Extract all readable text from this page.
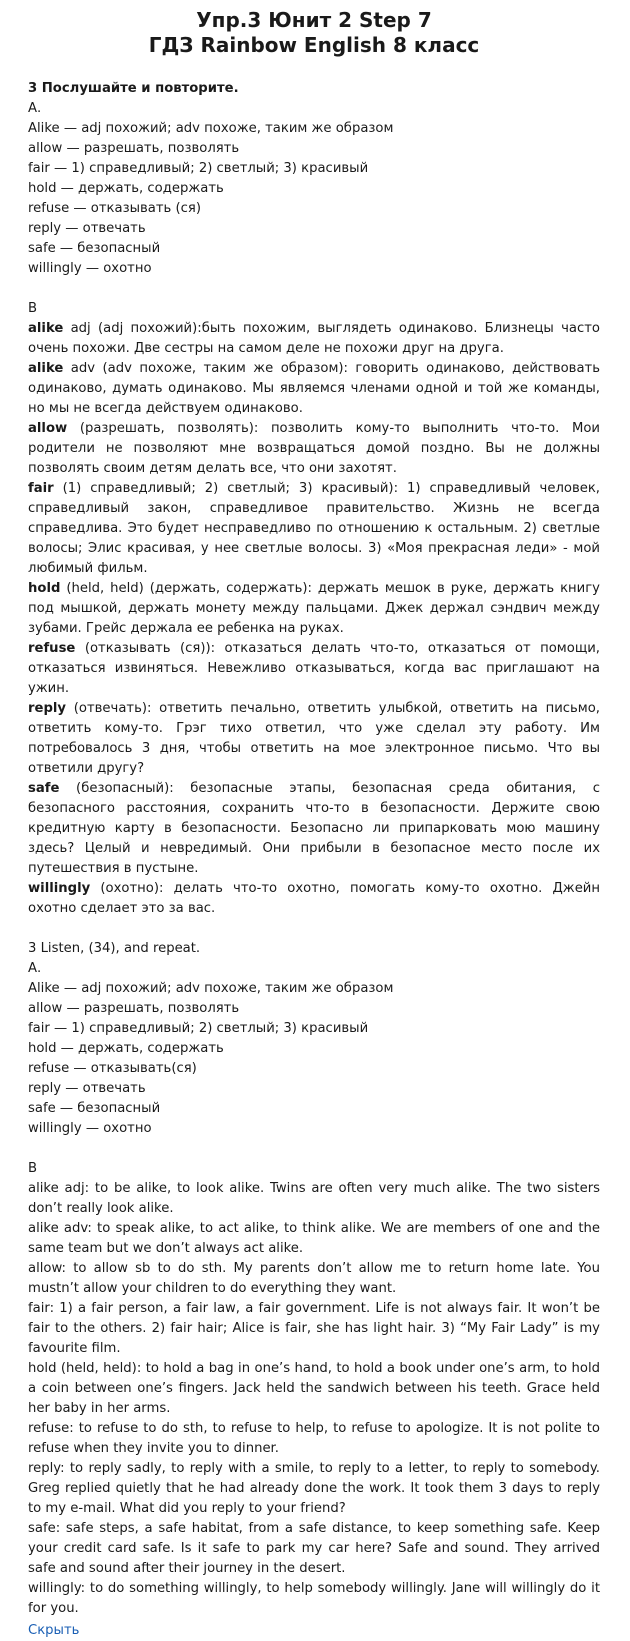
Упр.3 Юнит 2 Step 7
ГДЗ Rainbow English 8 класс
3 Послушайте и повторите.
А.
Alike — adj похожий; adv похоже, таким же образом
allow — разрешать, позволять
fair — 1) справедливый; 2) светлый; 3) красивый
hold — держать, содержать
refuse — отказывать (ся)
reply — отвечать
safe — безопасный
willingly — охотно
В
alike adj (adj похожий):быть похожим, выглядеть одинаково. Близнецы часто очень похожи. Две сестры на самом деле не похожи друг на друга.
alike adv (adv похоже, таким же образом): говорить одинаково, действовать одинаково, думать одинаково. Мы являемся членами одной и той же команды, но мы не всегда действуем одинаково.
allow (разрешать, позволять): позволить кому-то выполнить что-то. Мои родители не позволяют мне возвращаться домой поздно. Вы не должны позволять своим детям делать все, что они захотят.
fair (1) справедливый; 2) светлый; 3) красивый): 1) справедливый человек, справедливый закон, справедливое правительство. Жизнь не всегда справедлива. Это будет несправедливо по отношению к остальным. 2) светлые волосы; Элис красивая, у нее светлые волосы. 3) «Моя прекрасная леди» - мой любимый фильм.
hold (held, held) (держать, содержать): держать мешок в руке, держать книгу под мышкой, держать монету между пальцами. Джек держал сэндвич между зубами. Грейс держала ее ребенка на руках.
refuse (отказывать (ся)): отказаться делать что-то, отказаться от помощи, отказаться извиняться. Невежливо отказываться, когда вас приглашают на ужин.
reply (отвечать): ответить печально, ответить улыбкой, ответить на письмо, ответить кому-то. Грэг тихо ответил, что уже сделал эту работу. Им потребовалось 3 дня, чтобы ответить на мое электронное письмо. Что вы ответили другу?
safe (безопасный): безопасные этапы, безопасная среда обитания, с безопасного расстояния, сохранить что-то в безопасности. Держите свою кредитную карту в безопасности. Безопасно ли припарковать мою машину здесь? Целый и невредимый. Они прибыли в безопасное место после их путешествия в пустыне.
willingly (охотно): делать что-то охотно, помогать кому-то охотно. Джейн охотно сделает это за вас.
3 Listen, (34), and repeat.
А.
Alike — adj похожий; adv похоже, таким же образом
allow — разрешать, позволять
fair — 1) справедливый; 2) светлый; 3) красивый
hold — держать, содержать
refuse — отказывать(ся)
reply — отвечать
safe — безопасный
willingly — охотно
В
alike adj: to be alike, to look alike. Twins are often very much alike. The two sisters don’t really look alike.
alike adv: to speak alike, to act alike, to think alike. We are members of one and the same team but we don’t always act alike.
allow: to allow sb to do sth. My parents don’t allow me to return home late. You mustn’t allow your children to do everything they want.
fair: 1) a fair person, a fair law, a fair government. Life is not always fair. It won’t be fair to the others. 2) fair hair; Alice is fair, she has light hair. 3) “My Fair Lady” is my favourite film.
hold (held, held): to hold a bag in one’s hand, to hold a book under one’s arm, to hold a coin between one’s fingers. Jack held the sandwich between his teeth. Grace held her baby in her arms.
refuse: to refuse to do sth, to refuse to help, to refuse to apologize. It is not polite to refuse when they invite you to dinner.
reply: to reply sadly, to reply with a smile, to reply to a letter, to reply to somebody. Greg replied quietly that he had already done the work. It took them 3 days to reply to my e-mail. What did you reply to your friend?
safe: safe steps, a safe habitat, from a safe distance, to keep something safe. Keep your credit card safe. Is it safe to park my car here? Safe and sound. They arrived safe and sound after their journey in the desert.
willingly: to do something willingly, to help somebody willingly. Jane will willingly do it for you.
Скрыть
